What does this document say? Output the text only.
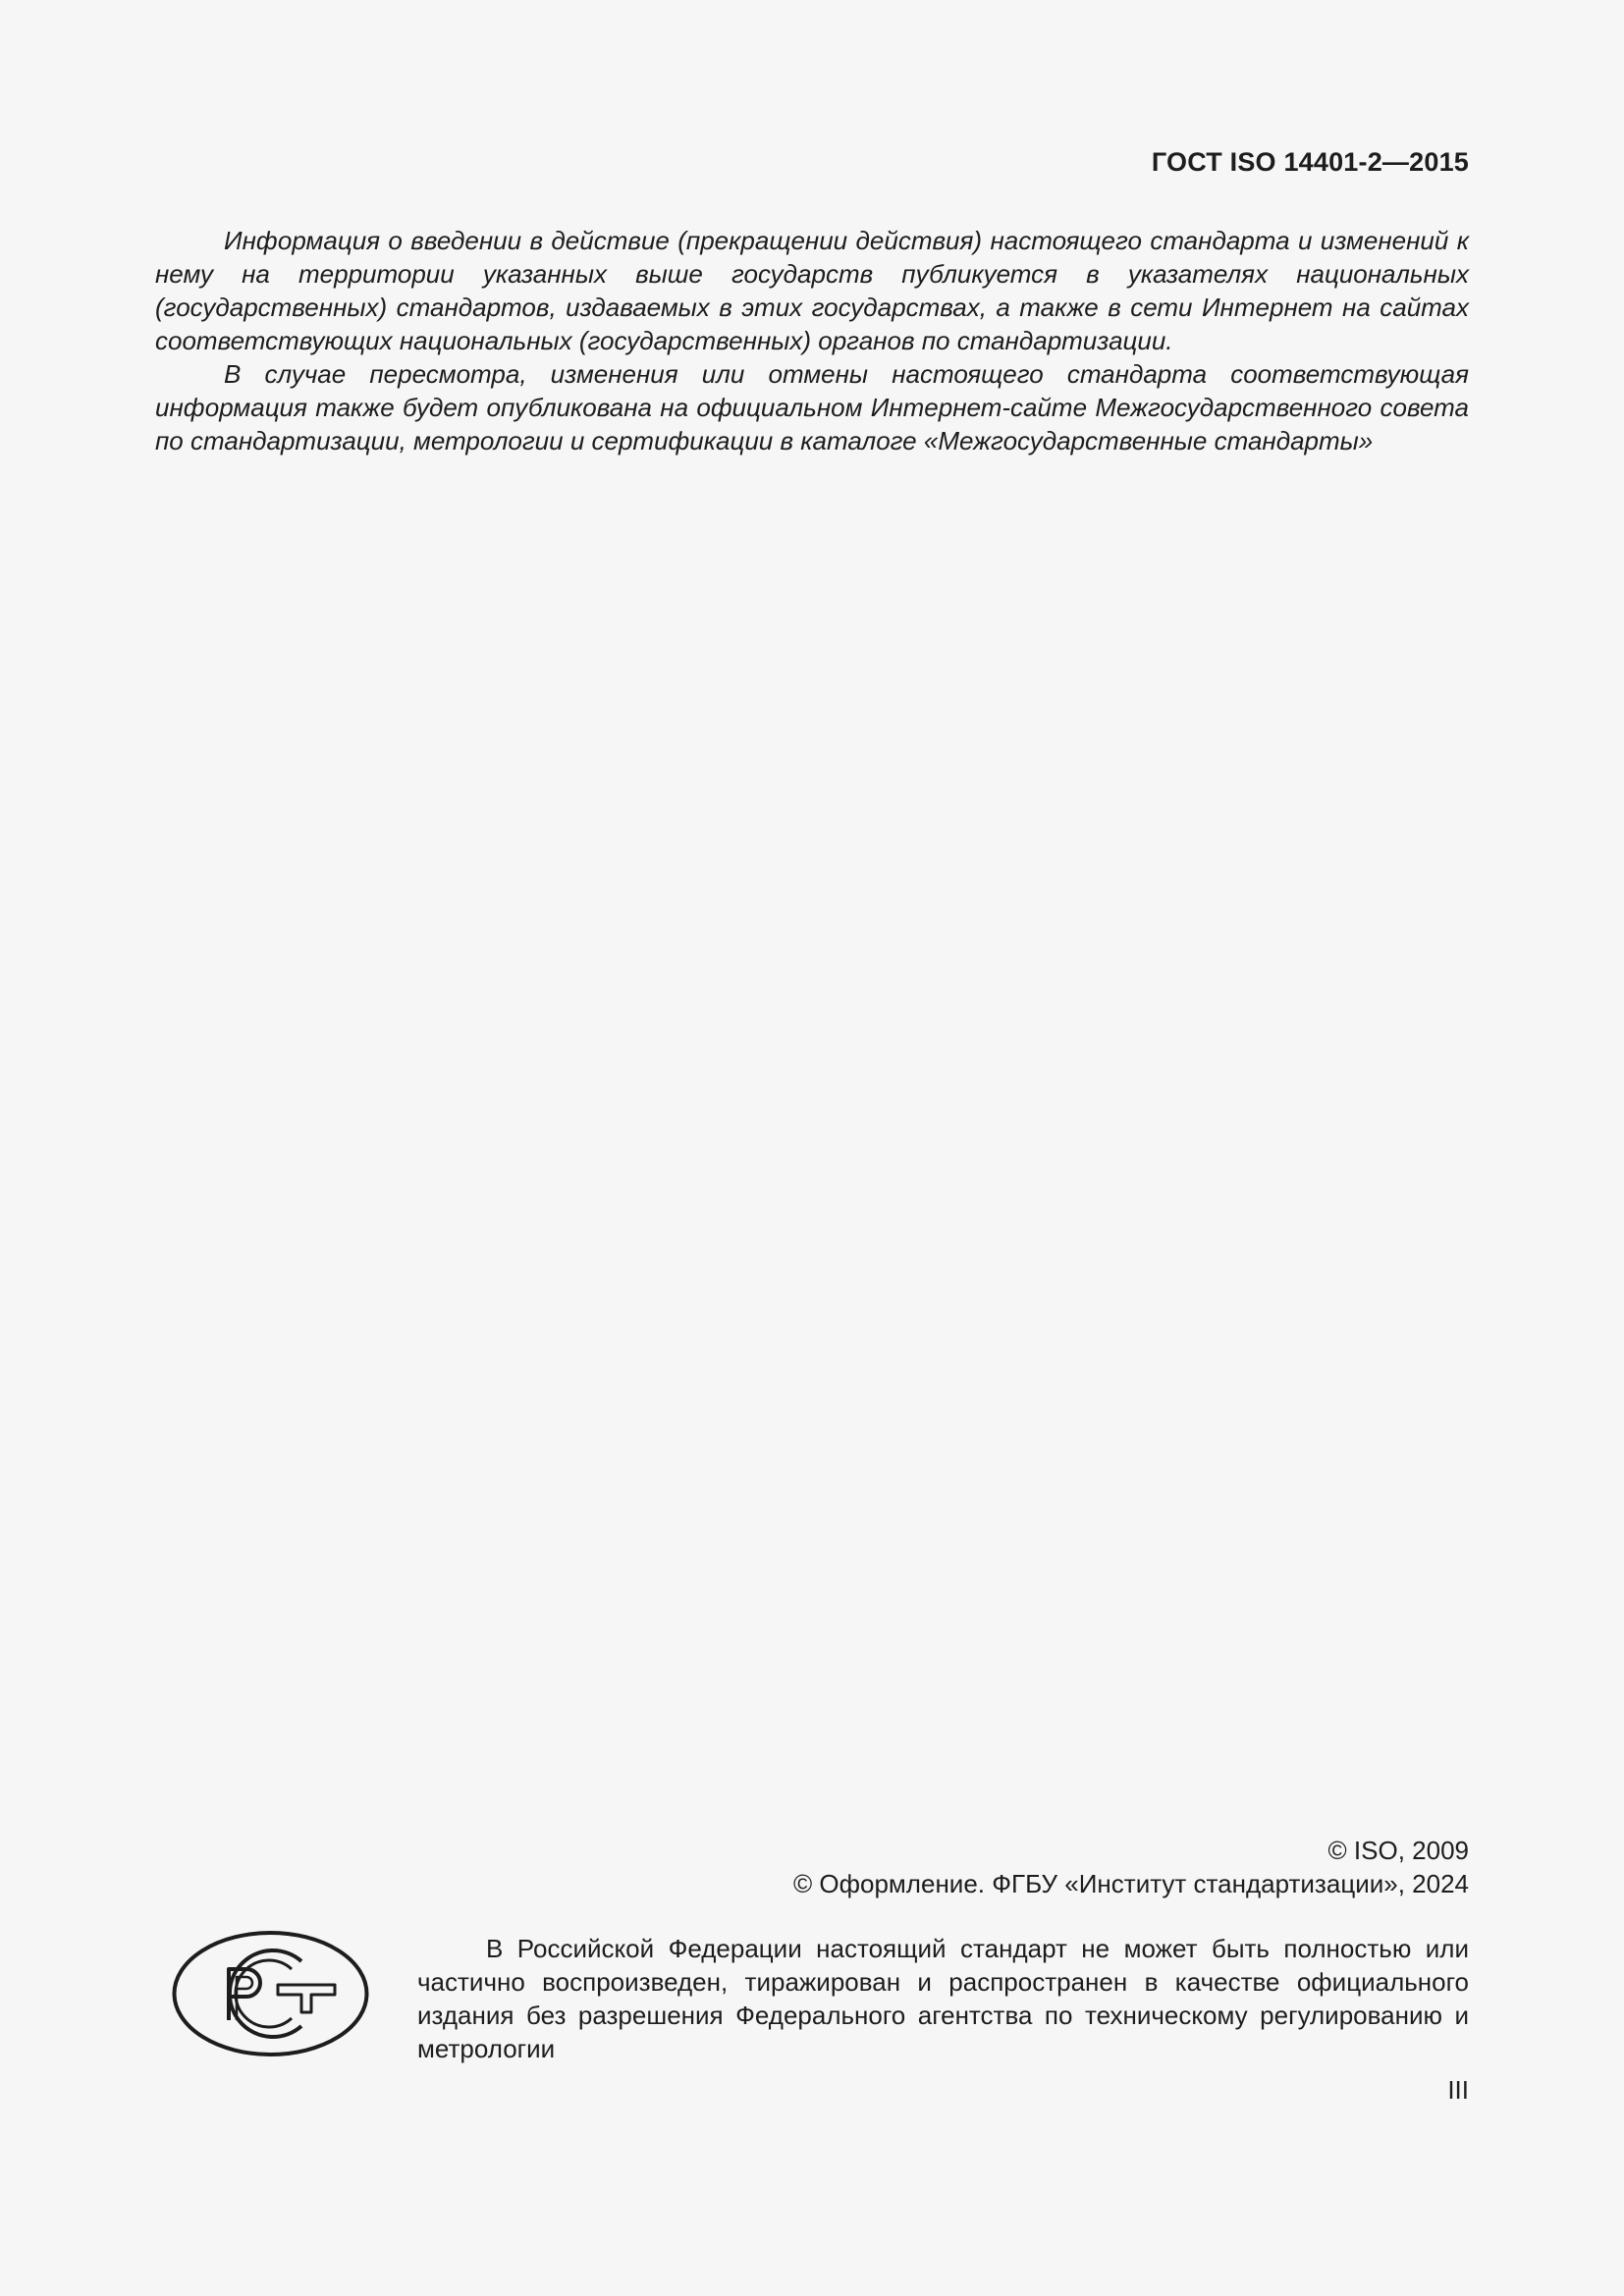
ГОСТ ISO 14401-2—2015

Информация о введении в действие (прекращении действия) настоящего стандарта и изменений к нему на территории указанных выше государств публикуется в указателях национальных (государственных) стандартов, издаваемых в этих государствах, а также в сети Интернет на сайтах соответствующих национальных (государственных) органов по стандартизации.

В случае пересмотра, изменения или отмены настоящего стандарта соответствующая информация также будет опубликована на официальном Интернет-сайте Межгосударственного совета по стандартизации, метрологии и сертификации в каталоге «Межгосударственные стандарты»

© ISO, 2009
© Оформление. ФГБУ «Институт стандартизации», 2024

В Российской Федерации настоящий стандарт не может быть полностью или частично воспроизведен, тиражирован и распространен в качестве официального издания без разрешения Федерального агентства по техническому регулированию и метрологии

III
